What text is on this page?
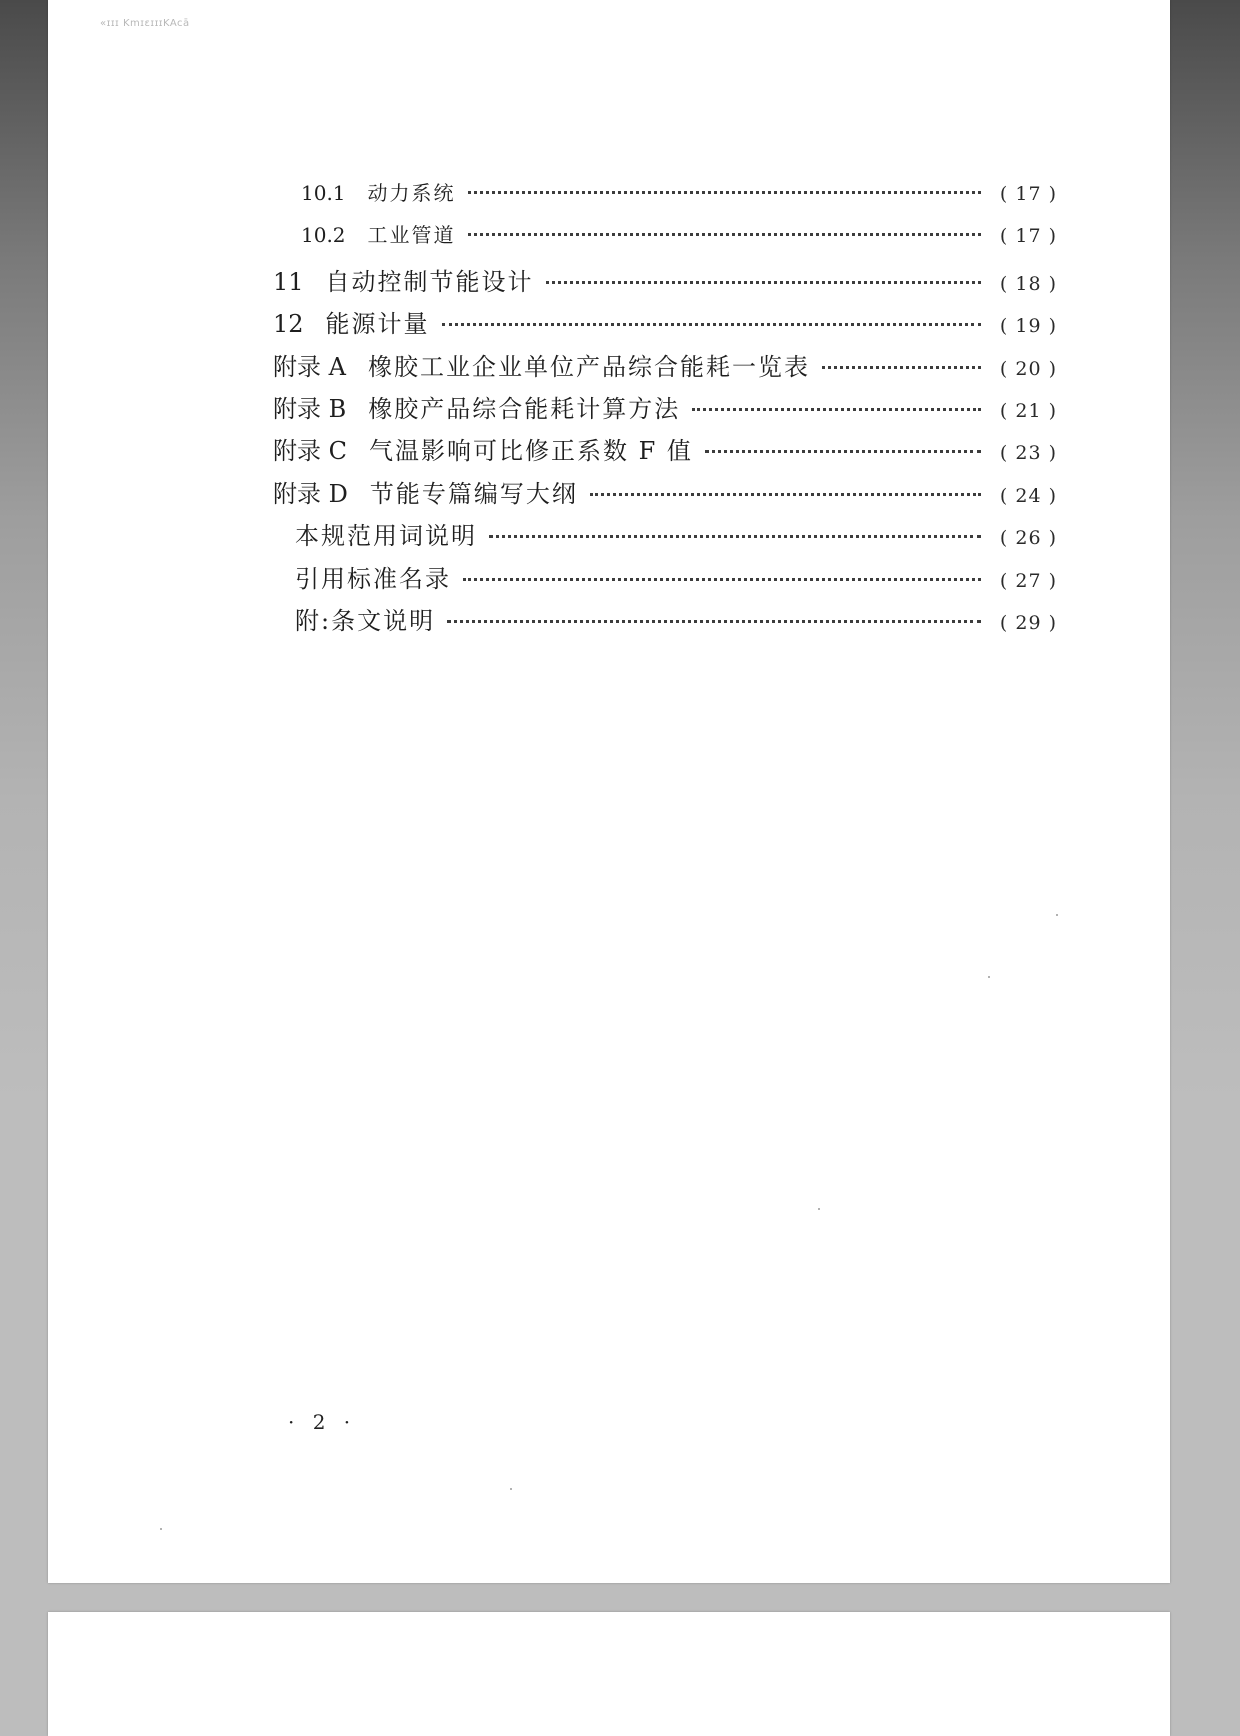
«ɪɪɪ KmɪɛɪɪɪKAcā
10.1 动力系统	( 17 )
10.2 工业管道	( 17 )
11 自动控制节能设计	( 18 )
12 能源计量	( 19 )
附录 A 橡胶工业企业单位产品综合能耗一览表	( 20 )
附录 B 橡胶产品综合能耗计算方法	( 21 )
附录 C 气温影响可比修正系数 F 值	( 23 )
附录 D 节能专篇编写大纲	( 24 )
本规范用词说明	( 26 )
引用标准名录	( 27 )
附:条文说明	( 29 )
· 2 ·
